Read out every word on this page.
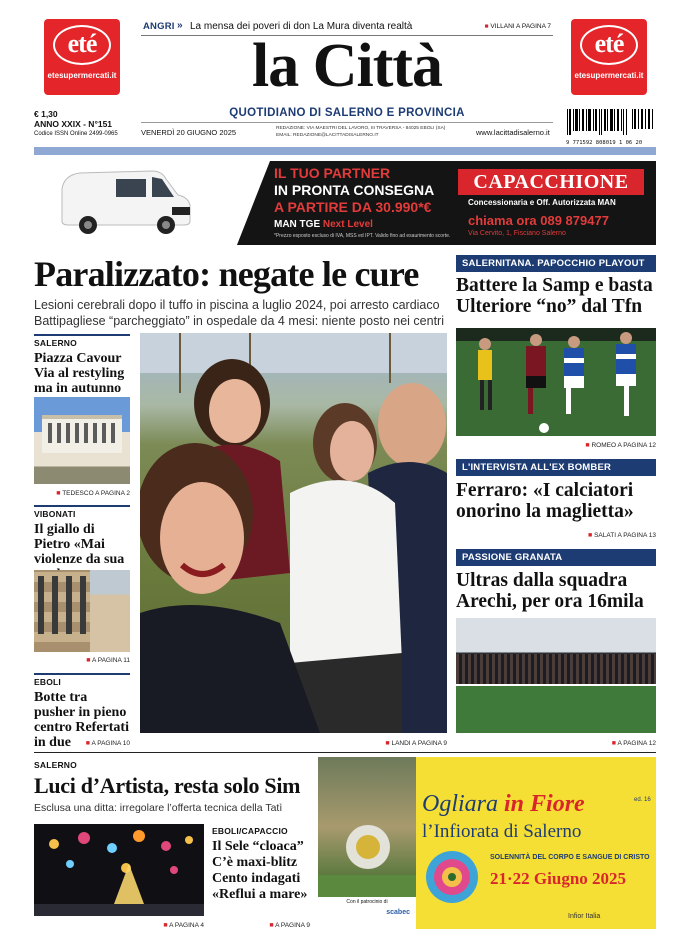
ANGRI » La mensa dei poveri di don La Mura diventa realtà	■ VILLANI A PAGINA 7
eté
etesupermercati.it
eté
etesupermercati.it
la Città
QUOTIDIANO DI SALERNO E PROVINCIA
€ 1,30
ANNO XXIX - N°151
Codice ISSN Online 2499-0965	VENERDÌ 20 GIUGNO 2025	REDAZIONE: VIA MAESTRI DEL LAVORO, III TRAVERSA - 84025 EBOLI (SA)
EMAIL: REDAZIONE@LACITTADISALERNO.IT	www.lacittadisalerno.it
9 771592 808019 1 06 20
IL TUO PARTNER
IN PRONTA CONSEGNA
A PARTIRE DA 30.990*€
MAN TGE Next Level
*Prezzo esposto escluso di IVA, MSS ed IPT. Valido fino ad esaurimento scorte.
CAPACCHIONE
Concessionaria e Off. Autorizzata MAN
chiama ora 089 879477
Via Cervito, 1, Fisciano Salerno
Paralizzato: negate le cure
Lesioni cerebrali dopo il tuffo in piscina a luglio 2024, poi arresto cardiaco
Battipagliese “parcheggiato” in ospedale da 4 mesi: niente posto nei centri
SALERNO
Piazza Cavour Via al restyling ma in autunno
■ TEDESCO A PAGINA 2
VIBONATI
Il giallo di Pietro «Mai violenze da sua
■ A PAGINA 11
EBOLI
Botte tra pusher in pieno centro Refertati in due	■ A PAGINA 10	■ LANDI A PAGINA 9
SALERNITANA. PAPOCCHIO PLAYOUT
Battere la Samp e basta Ulteriore “no” dal Tfn
■ ROMEO A PAGINA 12
L'INTERVISTA ALL'EX BOMBER
Ferraro: «I calciatori onorino la maglietta»
■ SALATI A PAGINA 13
PASSIONE GRANATA
Ultras dalla squadra Arechi, per ora 16mila
■ A PAGINA 12
SALERNO
Luci d’Artista, resta solo Sim
Esclusa una ditta: irregolare l’offerta tecnica della Tatì
■ A PAGINA 4
EBOLI/CAPACCIO
Il Sele “cloaca” C’è maxi-blitz Cento indagati «Reflui a mare»
■ A PAGINA 9
Con il patrocinio di
scabec
Ogliara in Fiore	ed. 16
l’Infiorata di Salerno
SOLENNITÀ DEL CORPO E SANGUE DI CRISTO
21·22 Giugno 2025
Infior Italia
